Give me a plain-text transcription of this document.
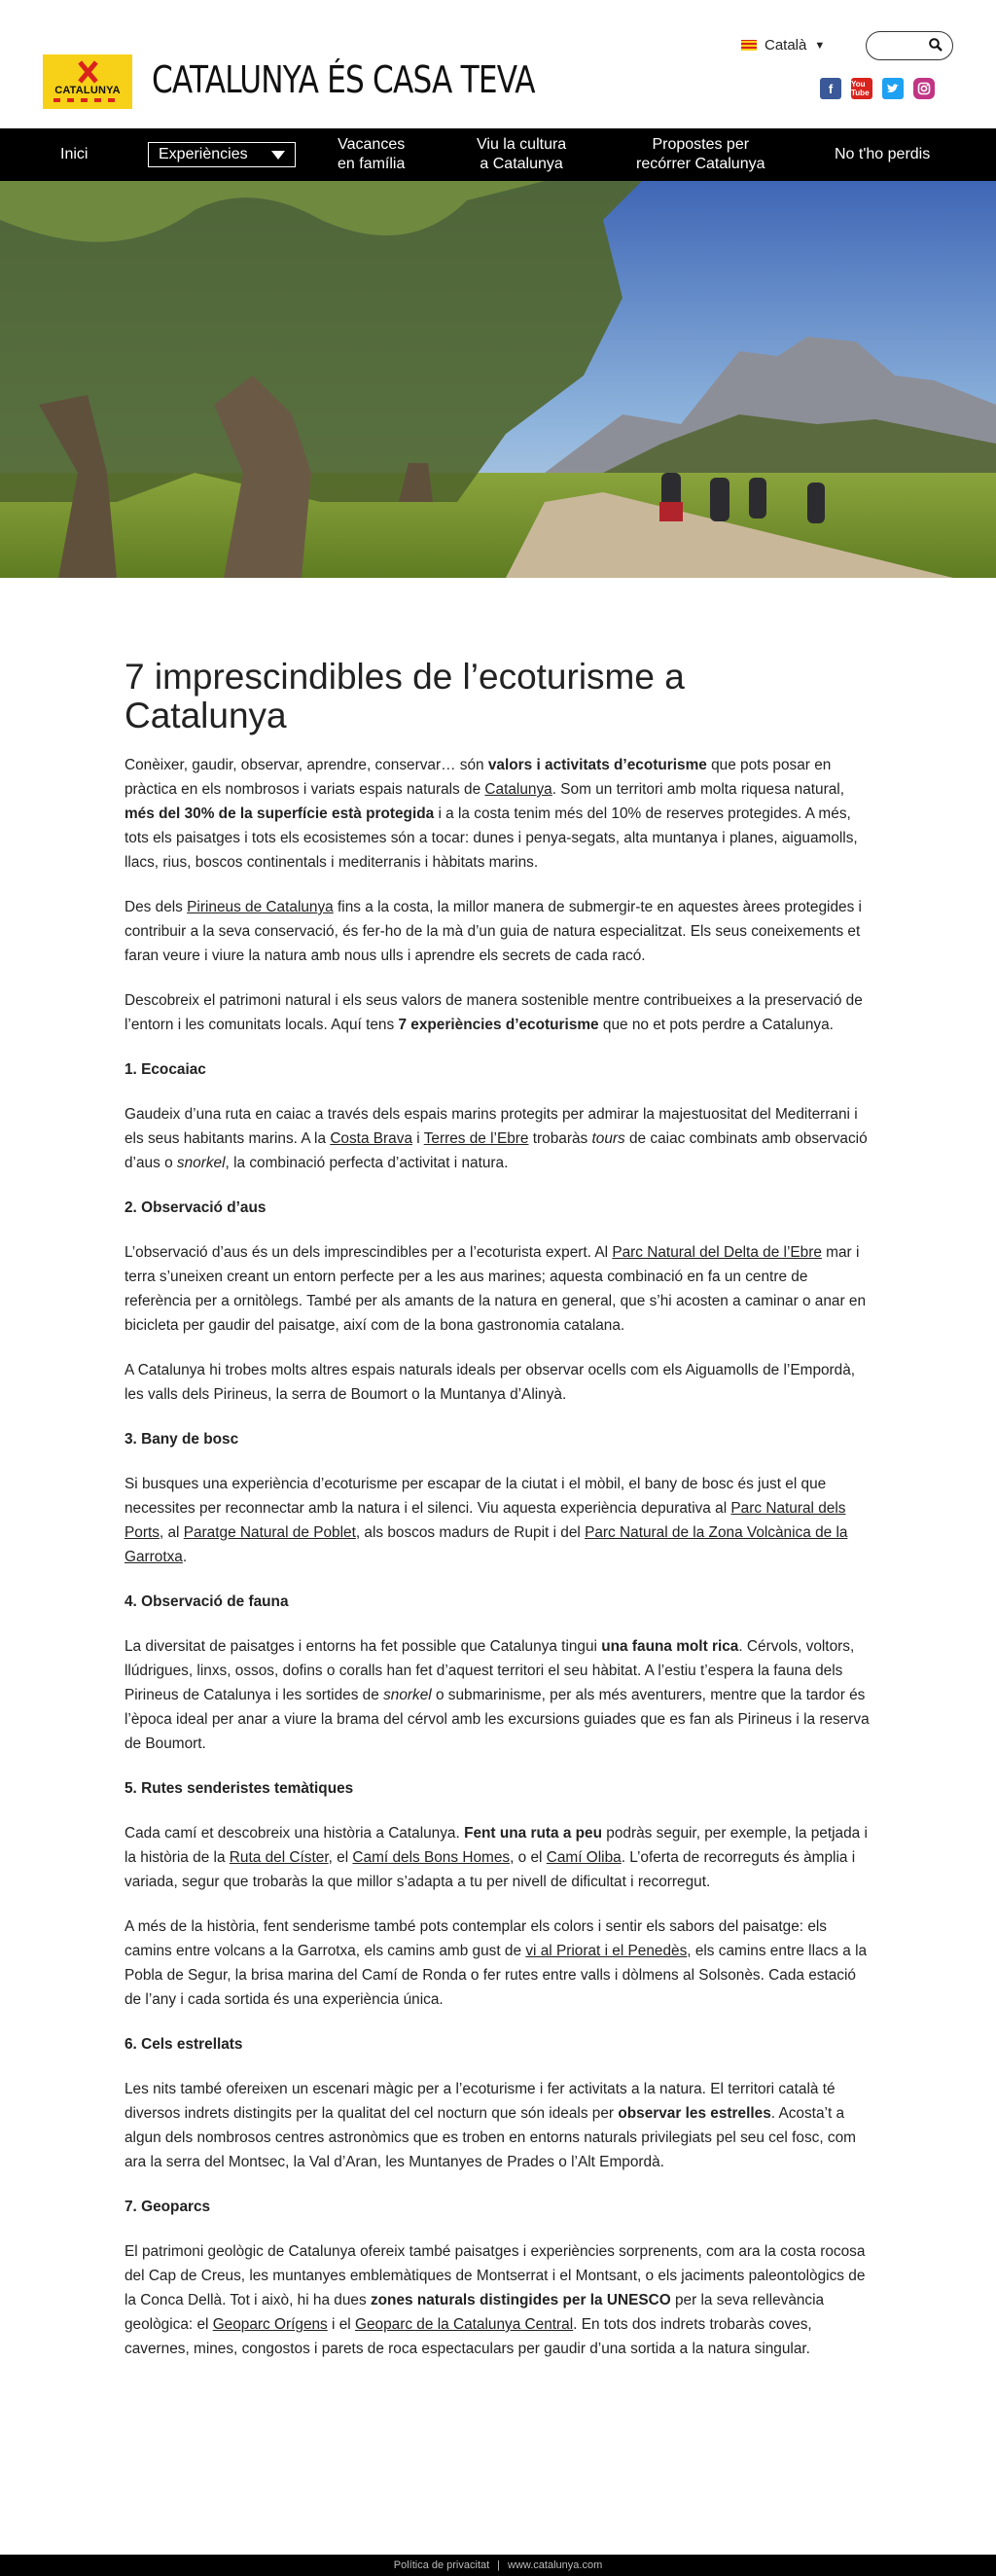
CATALUNYA CATALUNYA ÉS CASA TEVA
Català ▼
f	You Tube
Inici	Experiències
Vacances
en família
Viu la cultura
a Catalunya
Propostes per
recórrer Catalunya
No t'ho perdis
7 imprescindibles de l’ecoturisme a Catalunya

Conèixer, gaudir, observar, aprendre, conservar… són valors i activitats d’ecoturisme que pots posar en pràctica en els nombrosos i variats espais naturals de Catalunya. Som un territori amb molta riquesa natural, més del 30% de la superfície està protegida i a la costa tenim més del 10% de reserves protegides. A més, tots els paisatges i tots els ecosistemes són a tocar: dunes i penya-segats, alta muntanya i planes, aiguamolls, llacs, rius, boscos continentals i mediterranis i hàbitats marins.

Des dels Pirineus de Catalunya fins a la costa, la millor manera de submergir-te en aquestes àrees protegides i contribuir a la seva conservació, és fer-ho de la mà d’un guia de natura especialitzat. Els seus coneixements et faran veure i viure la natura amb nous ulls i aprendre els secrets de cada racó.

Descobreix el patrimoni natural i els seus valors de manera sostenible mentre contribueixes a la preservació de l’entorn i les comunitats locals. Aquí tens 7 experiències d’ecoturisme que no et pots perdre a Catalunya.

1. Ecocaiac

Gaudeix d’una ruta en caiac a través dels espais marins protegits per admirar la majestuositat del Mediterrani i els seus habitants marins. A la Costa Brava i Terres de l’Ebre trobaràs tours de caiac combinats amb observació d’aus o snorkel, la combinació perfecta d’activitat i natura.

2. Observació d’aus

L’observació d’aus és un dels imprescindibles per a l’ecoturista expert. Al Parc Natural del Delta de l’Ebre mar i terra s’uneixen creant un entorn perfecte per a les aus marines; aquesta combinació en fa un centre de referència per a ornitòlegs. També per als amants de la natura en general, que s’hi acosten a caminar o anar en bicicleta per gaudir del paisatge, així com de la bona gastronomia catalana.

A Catalunya hi trobes molts altres espais naturals ideals per observar ocells com els Aiguamolls de l’Empordà, les valls dels Pirineus, la serra de Boumort o la Muntanya d’Alinyà.

3. Bany de bosc

Si busques una experiència d’ecoturisme per escapar de la ciutat i el mòbil, el bany de bosc és just el que necessites per reconnectar amb la natura i el silenci. Viu aquesta experiència depurativa al Parc Natural dels Ports, al Paratge Natural de Poblet, als boscos madurs de Rupit i del Parc Natural de la Zona Volcànica de la Garrotxa.

4. Observació de fauna

La diversitat de paisatges i entorns ha fet possible que Catalunya tingui una fauna molt rica. Cérvols, voltors, llúdrigues, linxs, ossos, dofins o coralls han fet d’aquest territori el seu hàbitat. A l’estiu t’espera la fauna dels Pirineus de Catalunya i les sortides de snorkel o submarinisme, per als més aventurers, mentre que la tardor és l’època ideal per anar a viure la brama del cérvol amb les excursions guiades que es fan als Pirineus i la reserva de Boumort.

5. Rutes senderistes temàtiques

Cada camí et descobreix una història a Catalunya. Fent una ruta a peu podràs seguir, per exemple, la petjada i la història de la Ruta del Císter, el Camí dels Bons Homes, o el Camí Oliba. L’oferta de recorreguts és àmplia i variada, segur que trobaràs la que millor s’adapta a tu per nivell de dificultat i recorregut.

A més de la història, fent senderisme també pots contemplar els colors i sentir els sabors del paisatge: els camins entre volcans a la Garrotxa, els camins amb gust de vi al Priorat i el Penedès, els camins entre llacs a la Pobla de Segur, la brisa marina del Camí de Ronda o fer rutes entre valls i dòlmens al Solsonès. Cada estació de l’any i cada sortida és una experiència única.

6. Cels estrellats

Les nits també ofereixen un escenari màgic per a l’ecoturisme i fer activitats a la natura. El territori català té diversos indrets distingits per la qualitat del cel nocturn que són ideals per observar les estrelles. Acosta’t a algun dels nombrosos centres astronòmics que es troben en entorns naturals privilegiats pel seu cel fosc, com ara la serra del Montsec, la Val d’Aran, les Muntanyes de Prades o l’Alt Empordà.

7. Geoparcs

El patrimoni geològic de Catalunya ofereix també paisatges i experiències sorprenents, com ara la costa rocosa del Cap de Creus, les muntanyes emblemàtiques de Montserrat i el Montsant, o els jaciments paleontològics de la Conca Dellà. Tot i això, hi ha dues zones naturals distingides per la UNESCO per la seva rellevància geològica: el Geoparc Orígens i el Geoparc de la Catalunya Central. En tots dos indrets trobaràs coves, cavernes, mines, congostos i parets de roca espectaculars per gaudir d’una sortida a la natura singular.

Política de privacitat | www.catalunya.com
